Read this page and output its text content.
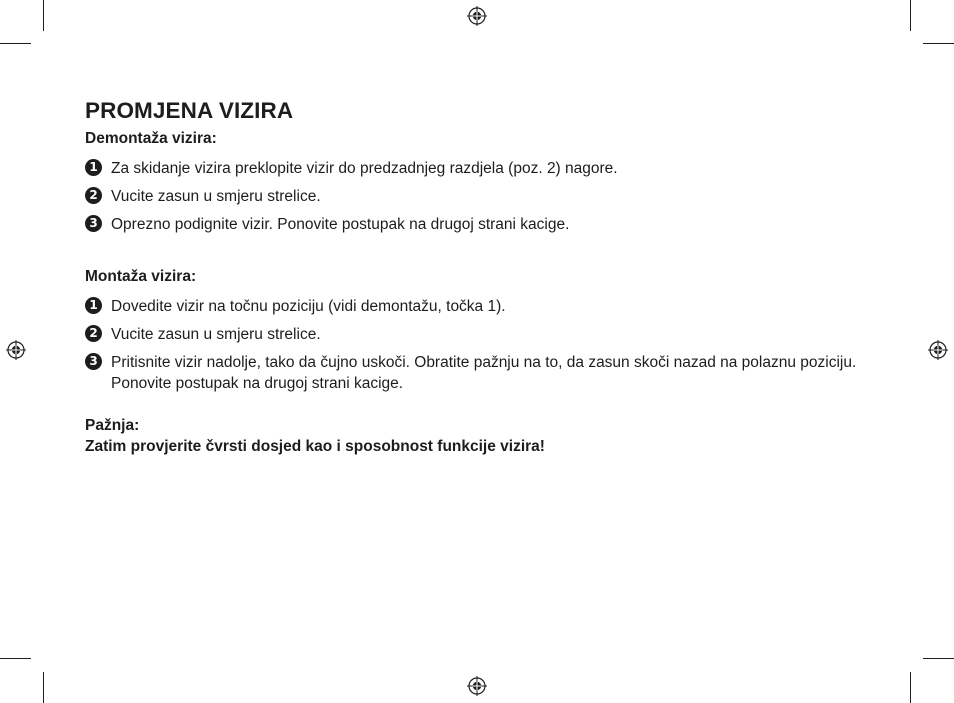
PROMJENA VIZIRA
Demontaža vizira:
1 Za skidanje vizira preklopite vizir do predzadnjeg razdjela (poz. 2) nagore.
2 Vucite zasun u smjeru strelice.
3 Oprezno podignite vizir. Ponovite postupak na drugoj strani kacige.
Montaža vizira:
1 Dovedite vizir na točnu poziciju (vidi demontažu, točka 1).
2 Vucite zasun u smjeru strelice.
3 Pritisnite vizir nadolje, tako da čujno uskoči. Obratite pažnju na to, da zasun skoči nazad na polaznu poziciju. Ponovite postupak na drugoj strani kacige.
Pažnja:
Zatim provjerite čvrsti dosjed kao i sposobnost funkcije vizira!
